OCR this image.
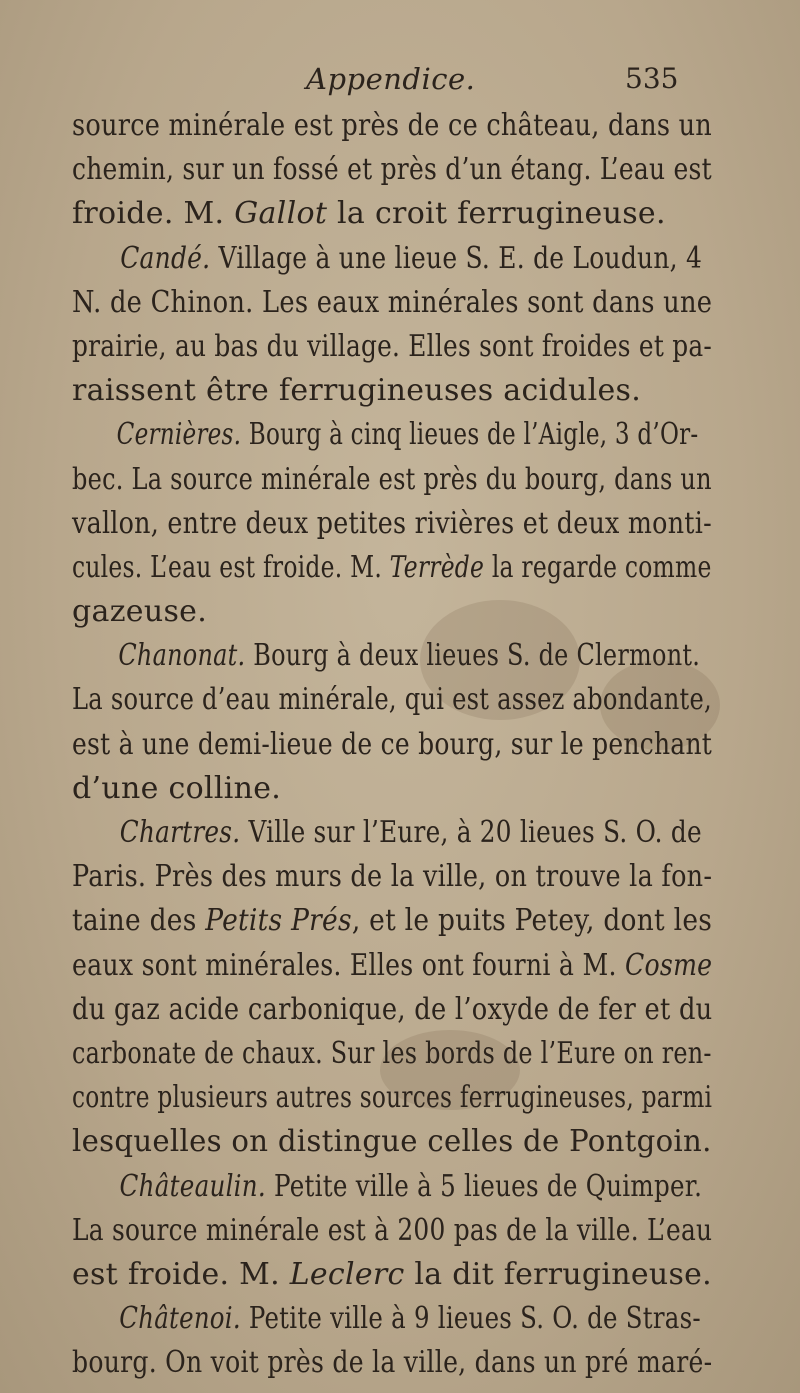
Appendice.	535
source minérale est près de ce château, dans un
chemin, sur un fossé et près d’un étang. L’eau est
froide. M. Gallot la croit ferrugineuse.
Candé. Village à une lieue S. E. de Loudun, 4
N. de Chinon. Les eaux minérales sont dans une
prairie, au bas du village. Elles sont froides et pa-
raissent être ferrugineuses acidules.
Cernières. Bourg à cinq lieues de l’Aigle, 3 d’Or-
bec. La source minérale est près du bourg, dans un
vallon, entre deux petites rivières et deux monti-
cules. L’eau est froide. M. Terrède la regarde comme
gazeuse.
Chanonat. Bourg à deux lieues S. de Clermont.
La source d’eau minérale, qui est assez abondante,
est à une demi-lieue de ce bourg, sur le penchant
d’une colline.
Chartres. Ville sur l’Eure, à 20 lieues S. O. de
Paris. Près des murs de la ville, on trouve la fon-
taine des Petits Prés, et le puits Petey, dont les
eaux sont minérales. Elles ont fourni à M. Cosme
du gaz acide carbonique, de l’oxyde de fer et du
carbonate de chaux. Sur les bords de l’Eure on ren-
contre plusieurs autres sources ferrugineuses, parmi
lesquelles on distingue celles de Pontgoin.
Châteaulin. Petite ville à 5 lieues de Quimper.
La source minérale est à 200 pas de la ville. L’eau
est froide. M. Leclerc la dit ferrugineuse.
Châtenoi. Petite ville à 9 lieues S. O. de Stras-
bourg. On voit près de la ville, dans un pré maré-
